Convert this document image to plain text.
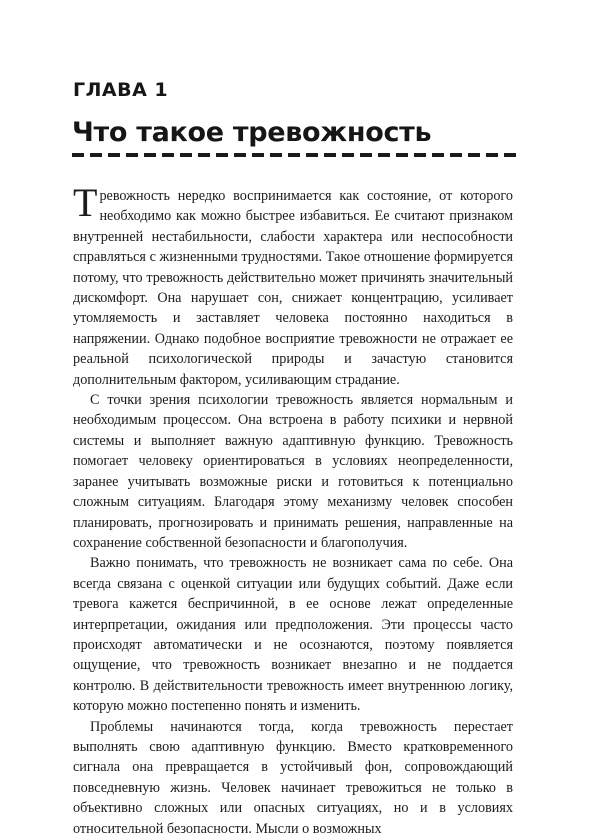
ГЛАВА 1
Что такое тревожность

Тревожность нередко воспринимается как состояние, от которого необходимо как можно быстрее избавиться. Ее считают признаком внутренней нестабильности, слабости характера или неспособности справляться с жизненными трудностями. Такое отношение формируется потому, что тревожность действительно может причинять значительный дискомфорт. Она нарушает сон, снижает концентрацию, усиливает утомляемость и заставляет человека постоянно находиться в напряжении. Однако подобное восприятие тревожности не отражает ее реальной психологической природы и зачастую становится дополнительным фактором, усиливающим страдание.

С точки зрения психологии тревожность является нормальным и необходимым процессом. Она встроена в работу психики и нервной системы и выполняет важную адаптивную функцию. Тревожность помогает человеку ориентироваться в условиях неопределенности, заранее учитывать возможные риски и готовиться к потенциально сложным ситуациям. Благодаря этому механизму человек способен планировать, прогнозировать и принимать решения, направленные на сохранение собственной безопасности и благополучия.

Важно понимать, что тревожность не возникает сама по себе. Она всегда связана с оценкой ситуации или будущих событий. Даже если тревога кажется беспричинной, в ее основе лежат определенные интерпретации, ожидания или предположения. Эти процессы часто происходят автоматически и не осознаются, поэтому появляется ощущение, что тревожность возникает внезапно и не поддается контролю. В действительности тревожность имеет внутреннюю логику, которую можно постепенно понять и изменить.

Проблемы начинаются тогда, когда тревожность перестает выполнять свою адаптивную функцию. Вместо кратковременного сигнала она превращается в устойчивый фон, сопровождающий повседневную жизнь. Человек начинает тревожиться не только в объективно сложных или опасных ситуациях, но и в условиях относительной безопасности. Мысли о возможных
